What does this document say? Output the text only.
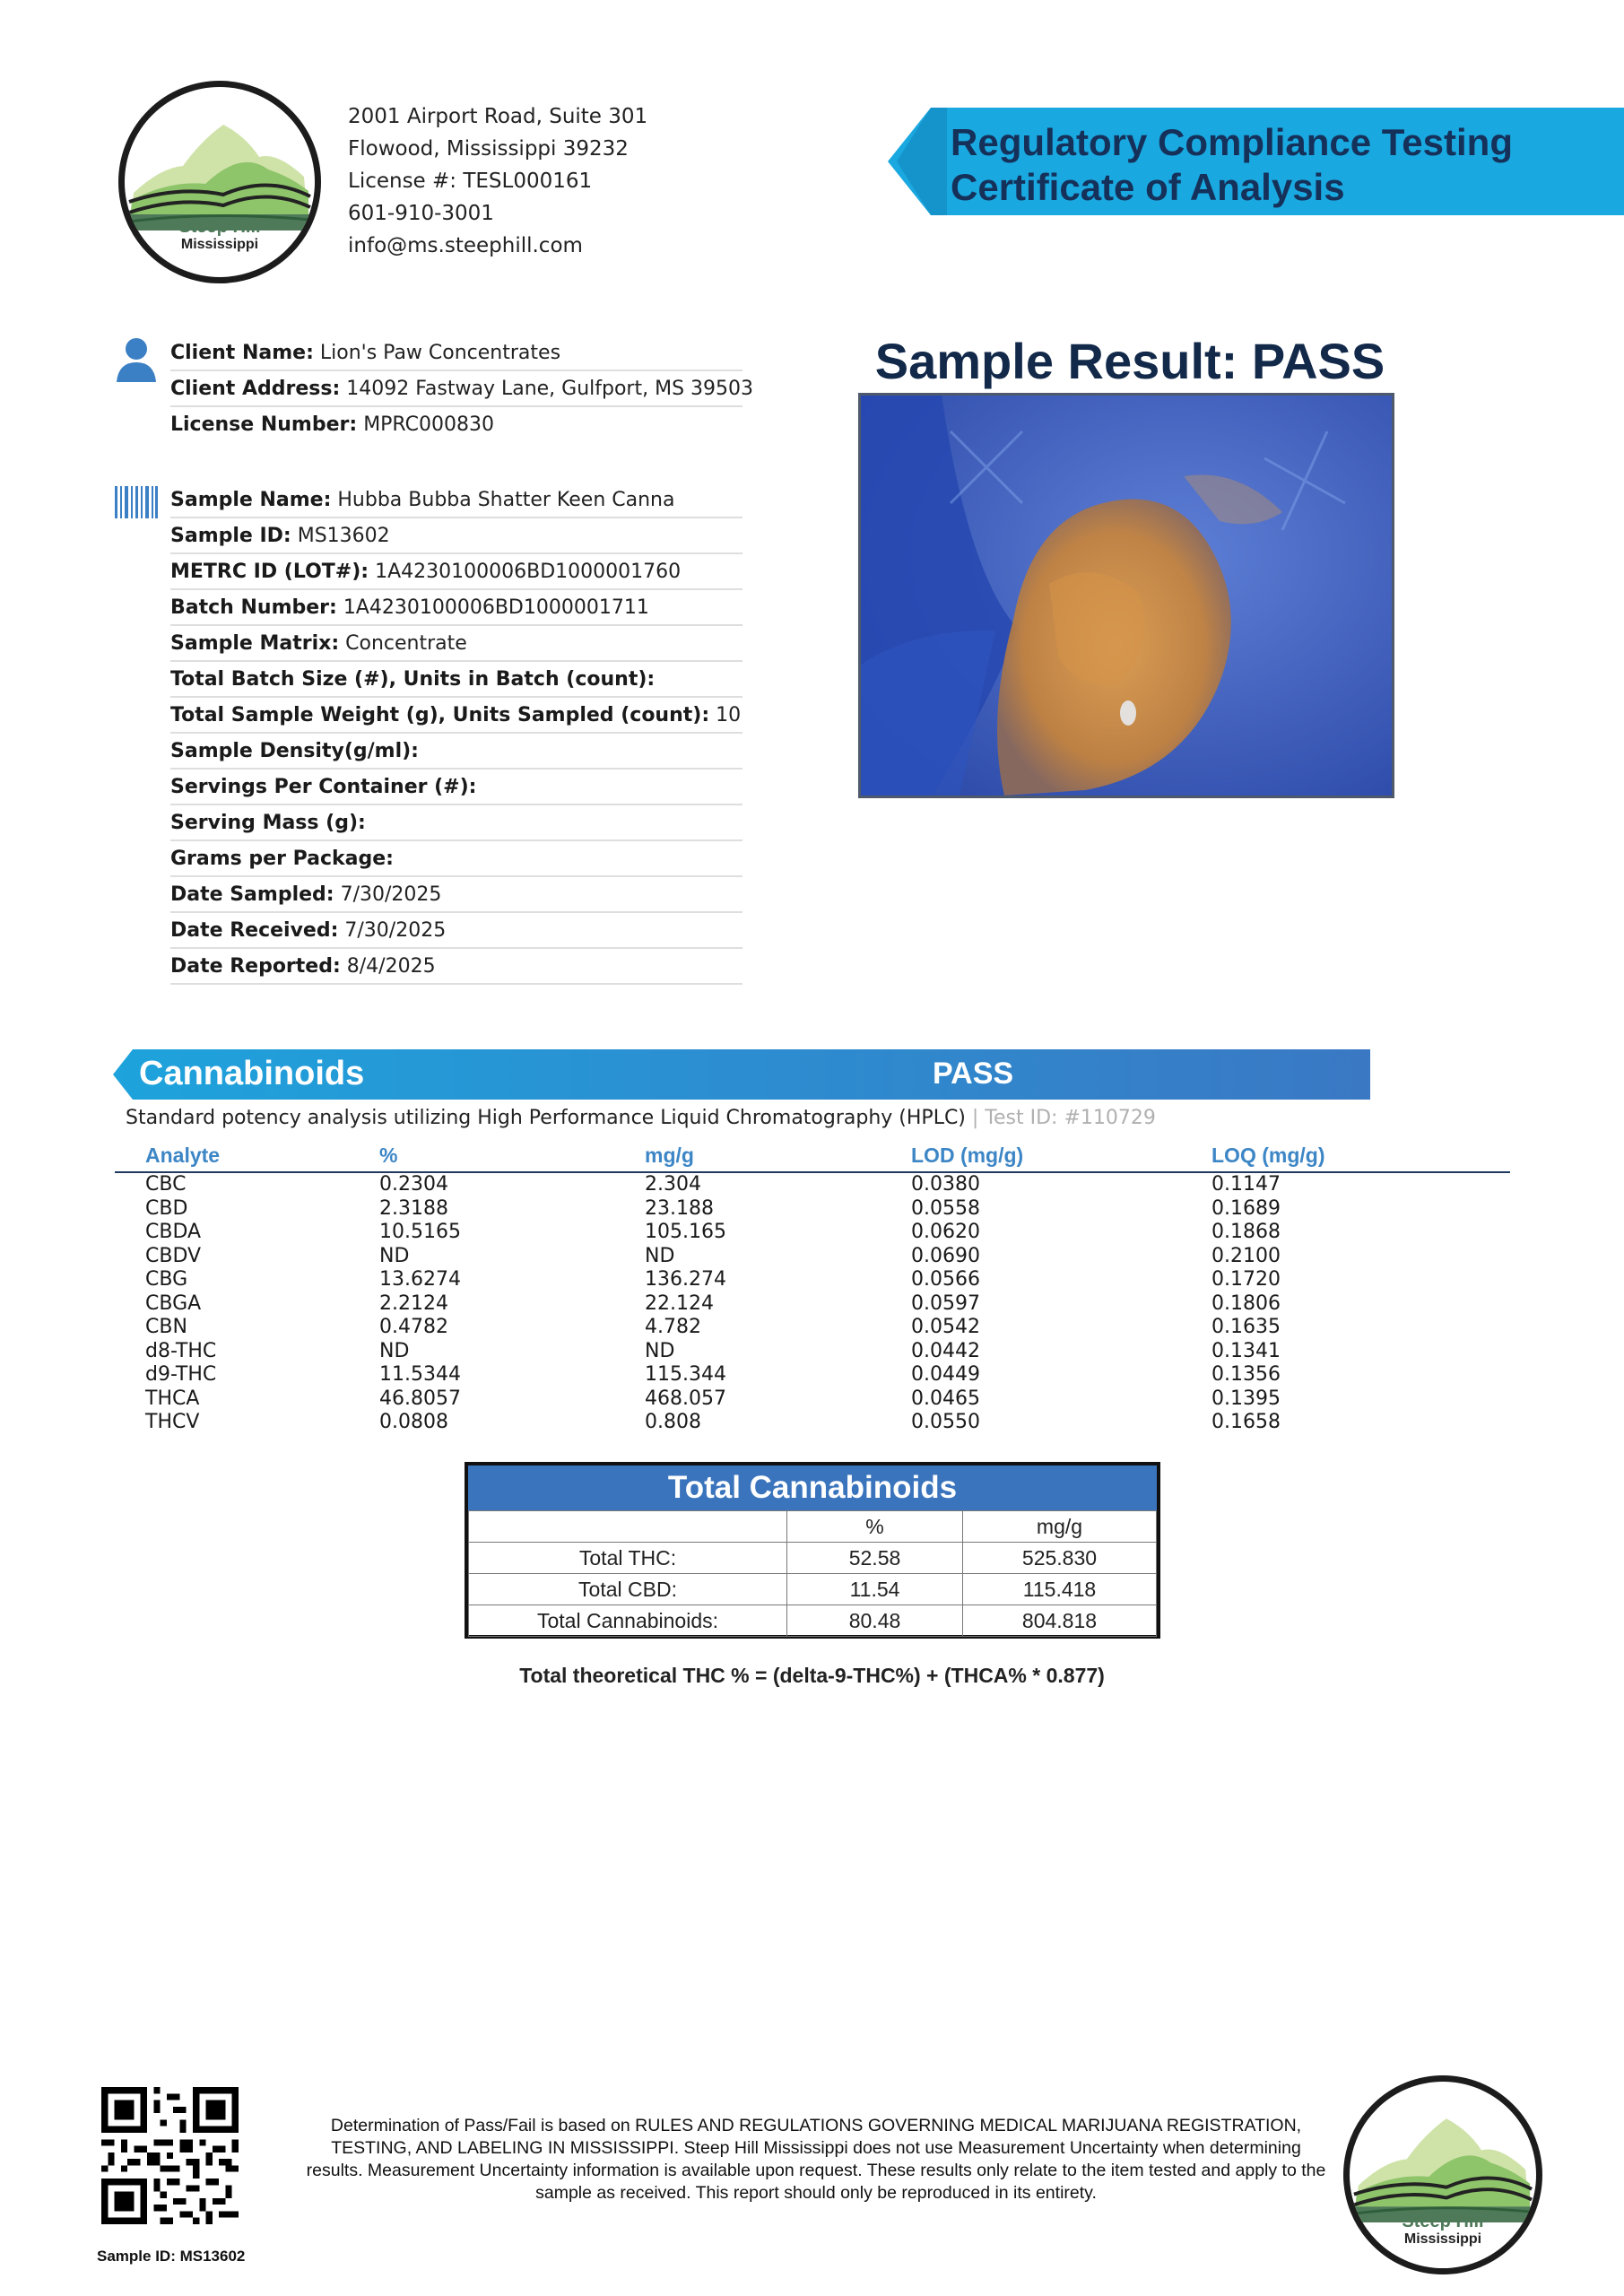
Steep Hill
Mississippi
2001 Airport Road, Suite 301
Flowood, Mississippi 39232
License #: TESL000161
601-910-3001
info@ms.steephill.com
Regulatory Compliance Testing
Certificate of Analysis
Client Name: Lion's Paw Concentrates
Client Address: 14092 Fastway Lane, Gulfport, MS 39503
License Number: MPRC000830
Sample Name: Hubba Bubba Shatter Keen Canna
Sample ID: MS13602
METRC ID (LOT#): 1A4230100006BD1000001760
Batch Number: 1A4230100006BD1000001711
Sample Matrix: Concentrate
Total Batch Size (#), Units in Batch (count):
Total Sample Weight (g), Units Sampled (count): 10
Sample Density(g/ml):
Servings Per Container (#):
Serving Mass (g):
Grams per Package:
Date Sampled: 7/30/2025
Date Received: 7/30/2025
Date Reported: 8/4/2025
Sample Result: PASS
Cannabinoids	PASS
Standard potency analysis utilizing High Performance Liquid Chromatography (HPLC) | Test ID: #110729
Analyte	%	mg/g	LOD (mg/g)	LOQ (mg/g)
CBC	0.2304	2.304	0.0380	0.1147
CBD	2.3188	23.188	0.0558	0.1689
CBDA	10.5165	105.165	0.0620	0.1868
CBDV	ND	ND	0.0690	0.2100
CBG	13.6274	136.274	0.0566	0.1720
CBGA	2.2124	22.124	0.0597	0.1806
CBN	0.4782	4.782	0.0542	0.1635
d8-THC	ND	ND	0.0442	0.1341
d9-THC	11.5344	115.344	0.0449	0.1356
THCA	46.8057	468.057	0.0465	0.1395
THCV	0.0808	0.808	0.0550	0.1658
Total Cannabinoids
	%	mg/g
Total THC:	52.58	525.830
Total CBD:	11.54	115.418
Total Cannabinoids:	80.48	804.818
Total theoretical THC % = (delta-9-THC%) + (THCA% * 0.877)
Sample ID: MS13602
Determination of Pass/Fail is based on RULES AND REGULATIONS GOVERNING MEDICAL MARIJUANA REGISTRATION, TESTING, AND LABELING IN MISSISSIPPI. Steep Hill Mississippi does not use Measurement Uncertainty when determining results. Measurement Uncertainty information is available upon request. These results only relate to the item tested and apply to the sample as received. This report should only be reproduced in its entirety.
Steep Hill
Mississippi
